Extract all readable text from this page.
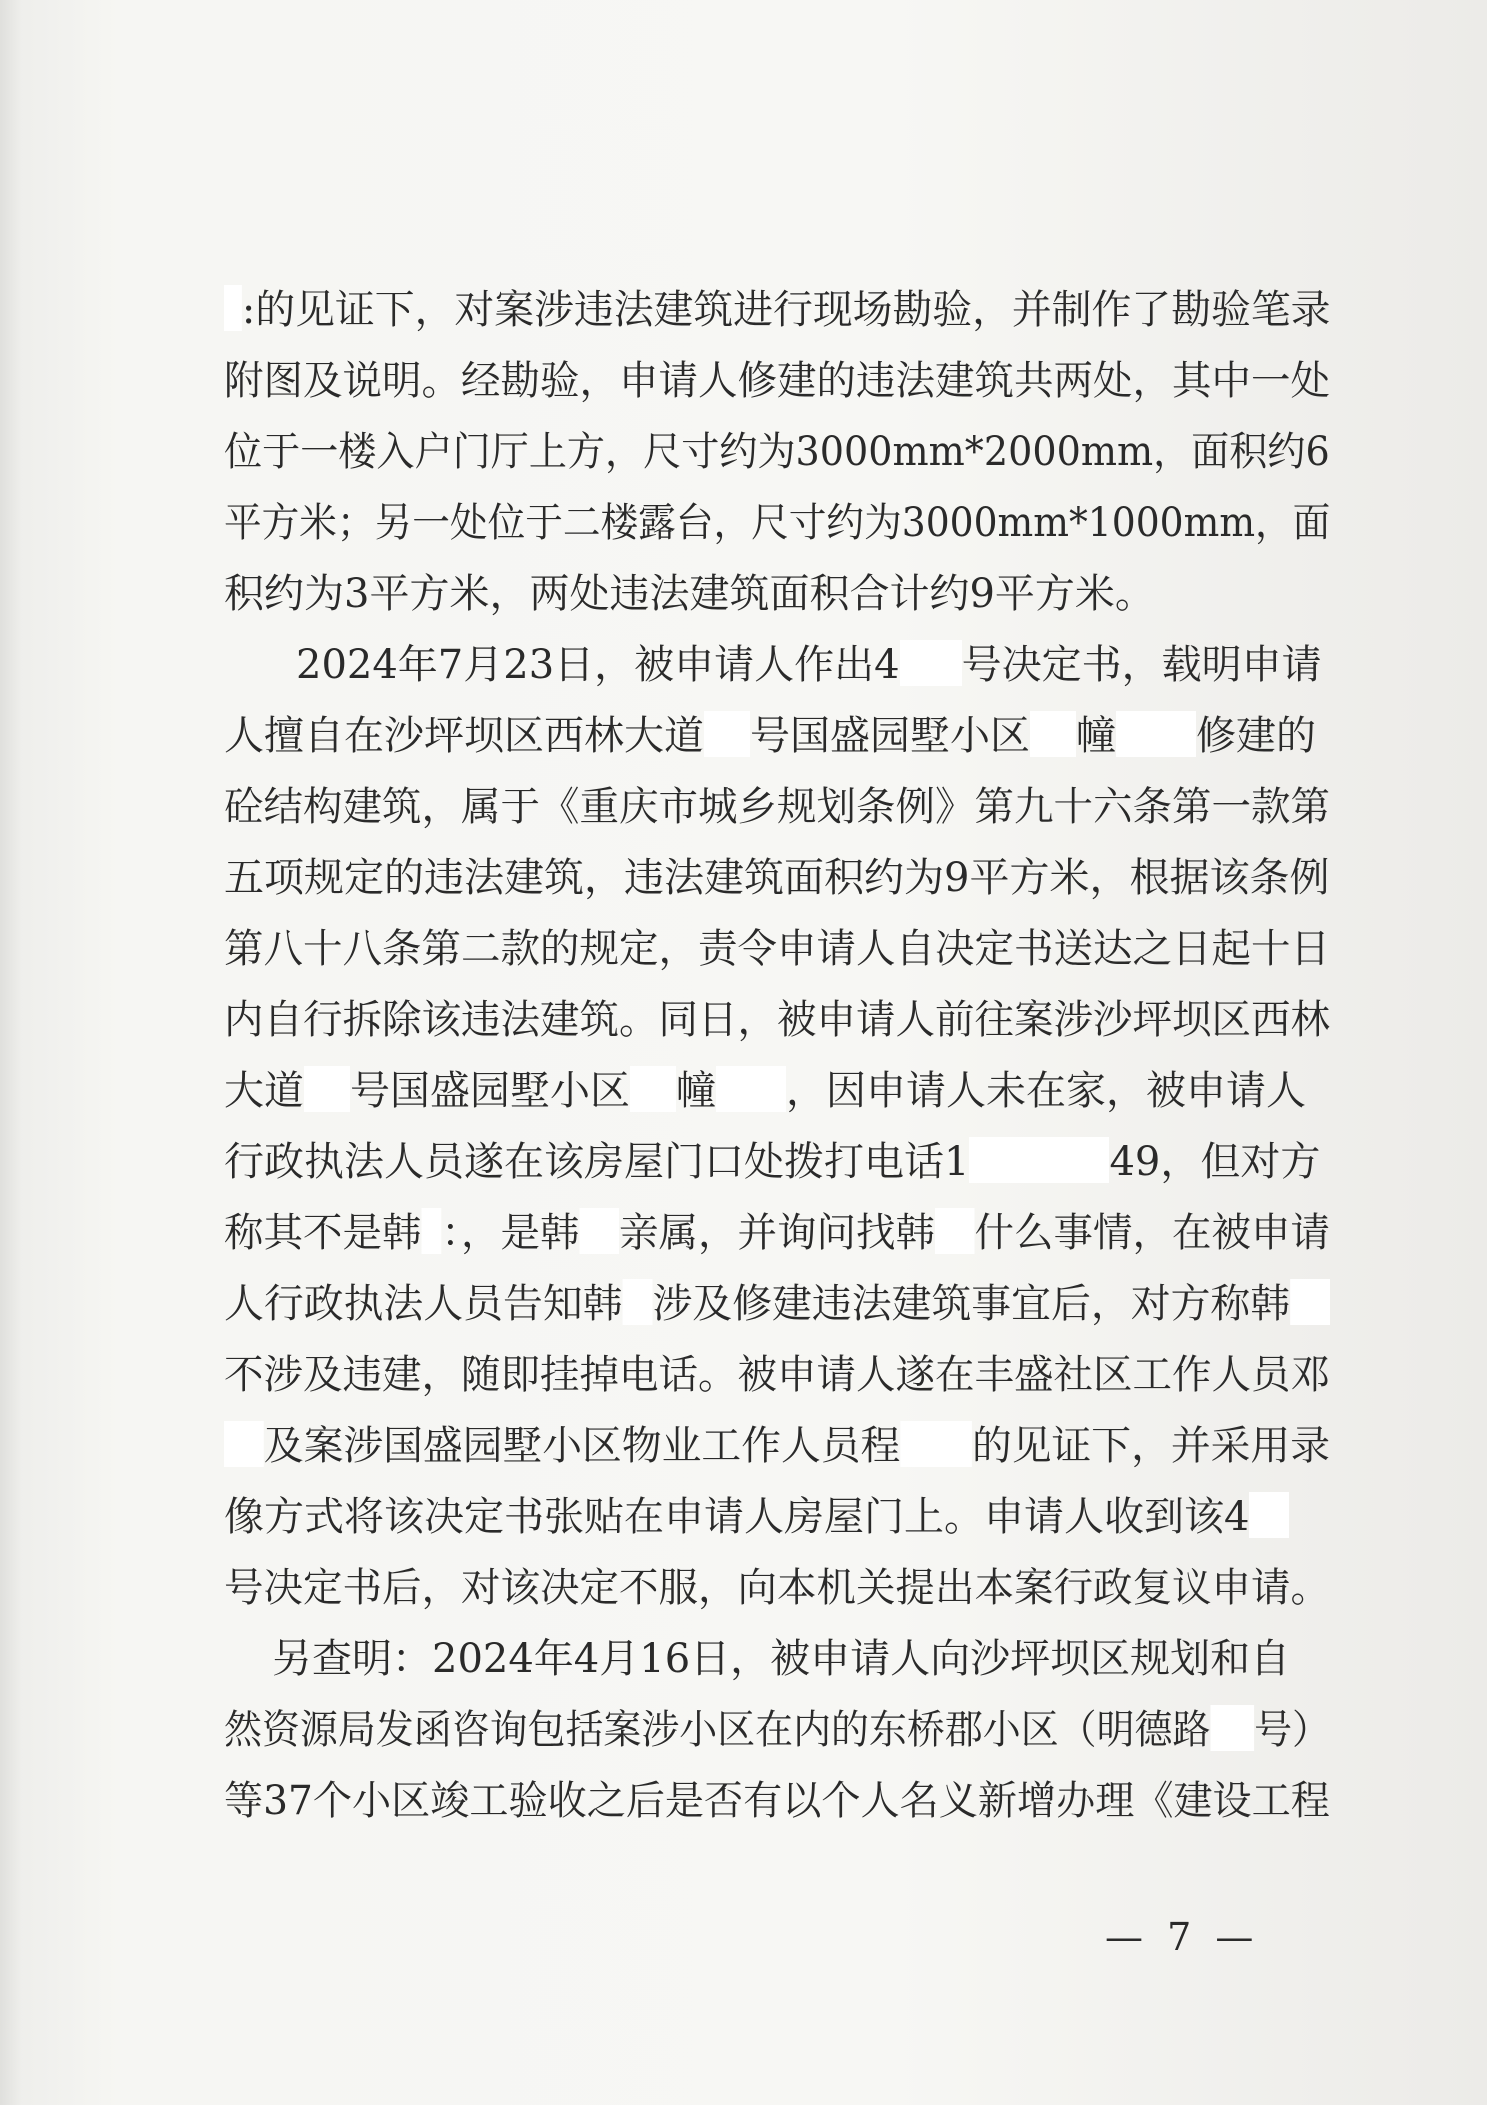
:的见证下，对案涉违法建筑进行现场勘验，并制作了勘验笔录
附图及说明。经勘验，申请人修建的违法建筑共两处，其中一处
位于一楼入户门厅上方，尺寸约为3000mm*2000mm，面积约6
平方米；另一处位于二楼露台，尺寸约为3000mm*1000mm，面
积约为3平方米，两处违法建筑面积合计约9平方米。
2024年7月23日，被申请人作出4 号决定书，载明申请
人擅自在沙坪坝区西林大道 号国盛园墅小区 幢 修建的
砼结构建筑，属于《重庆市城乡规划条例》第九十六条第一款第
五项规定的违法建筑，违法建筑面积约为9平方米，根据该条例
第八十八条第二款的规定，责令申请人自决定书送达之日起十日
内自行拆除该违法建筑。同日，被申请人前往案涉沙坪坝区西林
大道 号国盛园墅小区 幢 ，因申请人未在家，被申请人
行政执法人员遂在该房屋门口处拨打电话1	49，但对方
称其不是韩 ：，是韩 亲属，并询问找韩 什么事情，在被申请
人行政执法人员告知韩 涉及修建违法建筑事宜后，对方称韩
不涉及违建，随即挂掉电话。被申请人遂在丰盛社区工作人员邓
及案涉国盛园墅小区物业工作人员程 的见证下，并采用录
像方式将该决定书张贴在申请人房屋门上。申请人收到该4
号决定书后，对该决定不服，向本机关提出本案行政复议申请。
另查明：2024年4月16日，被申请人向沙坪坝区规划和自
然资源局发函咨询包括案涉小区在内的东桥郡小区（明德路 号）
等37个小区竣工验收之后是否有以个人名义新增办理《建设工程
— 7 —
